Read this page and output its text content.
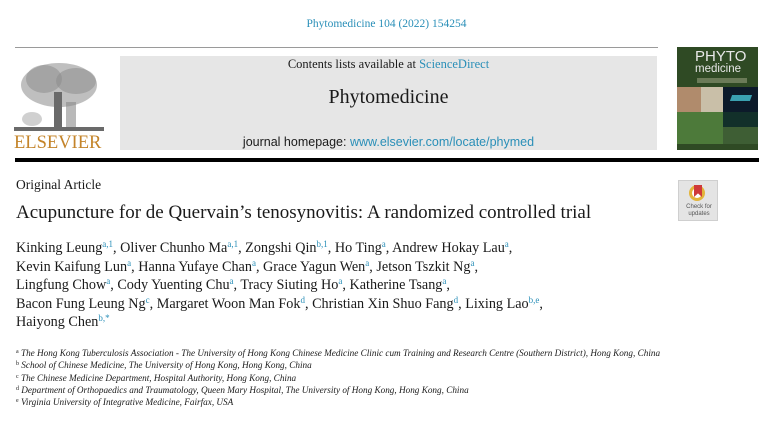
Phytomedicine 104 (2022) 154254
ELSEVIER
Contents lists available at ScienceDirect
Phytomedicine
journal homepage: www.elsevier.com/locate/phymed
PHYTO
medicine
Original Article
Acupuncture for de Quervain’s tenosynovitis: A randomized controlled trial	Check for
updates
Kinking Leung$^{a,1}$, Oliver Chunho Ma$^{a,1}$, Zongshi Qin$^{b,1}$, Ho Ting$^a$, Andrew Hokay Lau$^a$,
Kevin Kaifung Lun$^a$, Hanna Yufaye Chan$^a$, Grace Yagun Wen$^a$, Jetson Tszkit Ng$^a$,
Lingfung Chow$^a$, Cody Yuenting Chu$^a$, Tracy Siuting Ho$^a$, Katherine Tsang$^a$,
Bacon Fung Leung Ng$^c$, Margaret Woon Man Fok$^d$, Christian Xin Shuo Fang$^d$, Lixing Lao$^{b,e}$,
Haiyong Chen$^{b,*}$
$^a$ The Hong Kong Tuberculosis Association - The University of Hong Kong Chinese Medicine Clinic cum Training and Research Centre (Southern District), Hong Kong, China
$^b$ School of Chinese Medicine, The University of Hong Kong, Hong Kong, China
$^c$ The Chinese Medicine Department, Hospital Authority, Hong Kong, China
$^d$ Department of Orthopaedics and Traumatology, Queen Mary Hospital, The University of Hong Kong, Hong Kong, China
$^e$ Virginia University of Integrative Medicine, Fairfax, USA
